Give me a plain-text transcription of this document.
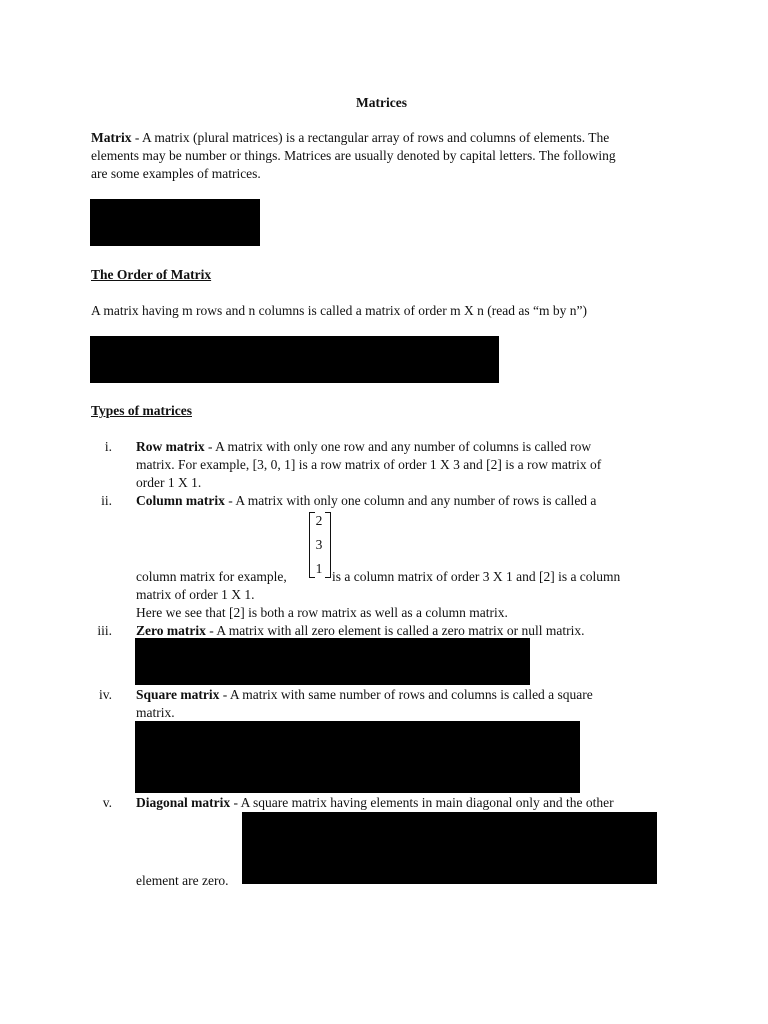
Matrices
Matrix - A matrix (plural matrices) is a rectangular array of rows and columns of elements. The
elements may be number or things. Matrices are usually denoted by capital letters. The following
are some examples of matrices.
The Order of Matrix
A matrix having m rows and n columns is called a matrix of order m X n (read as “m by n”)
Types of matrices
i. Row matrix - A matrix with only one row and any number of columns is called row
matrix. For example, [3, 0, 1] is a row matrix of order 1 X 3 and [2] is a row matrix of
order 1 X 1.
ii. Column matrix - A matrix with only one column and any number of rows is called a
2
3
1
column matrix for example,	is a column matrix of order 3 X 1 and [2] is a column
matrix of order 1 X 1.
Here we see that [2] is both a row matrix as well as a column matrix.
iii. Zero matrix - A matrix with all zero element is called a zero matrix or null matrix.
iv. Square matrix - A matrix with same number of rows and columns is called a square
matrix.
v. Diagonal matrix - A square matrix having elements in main diagonal only and the other
element are zero.
